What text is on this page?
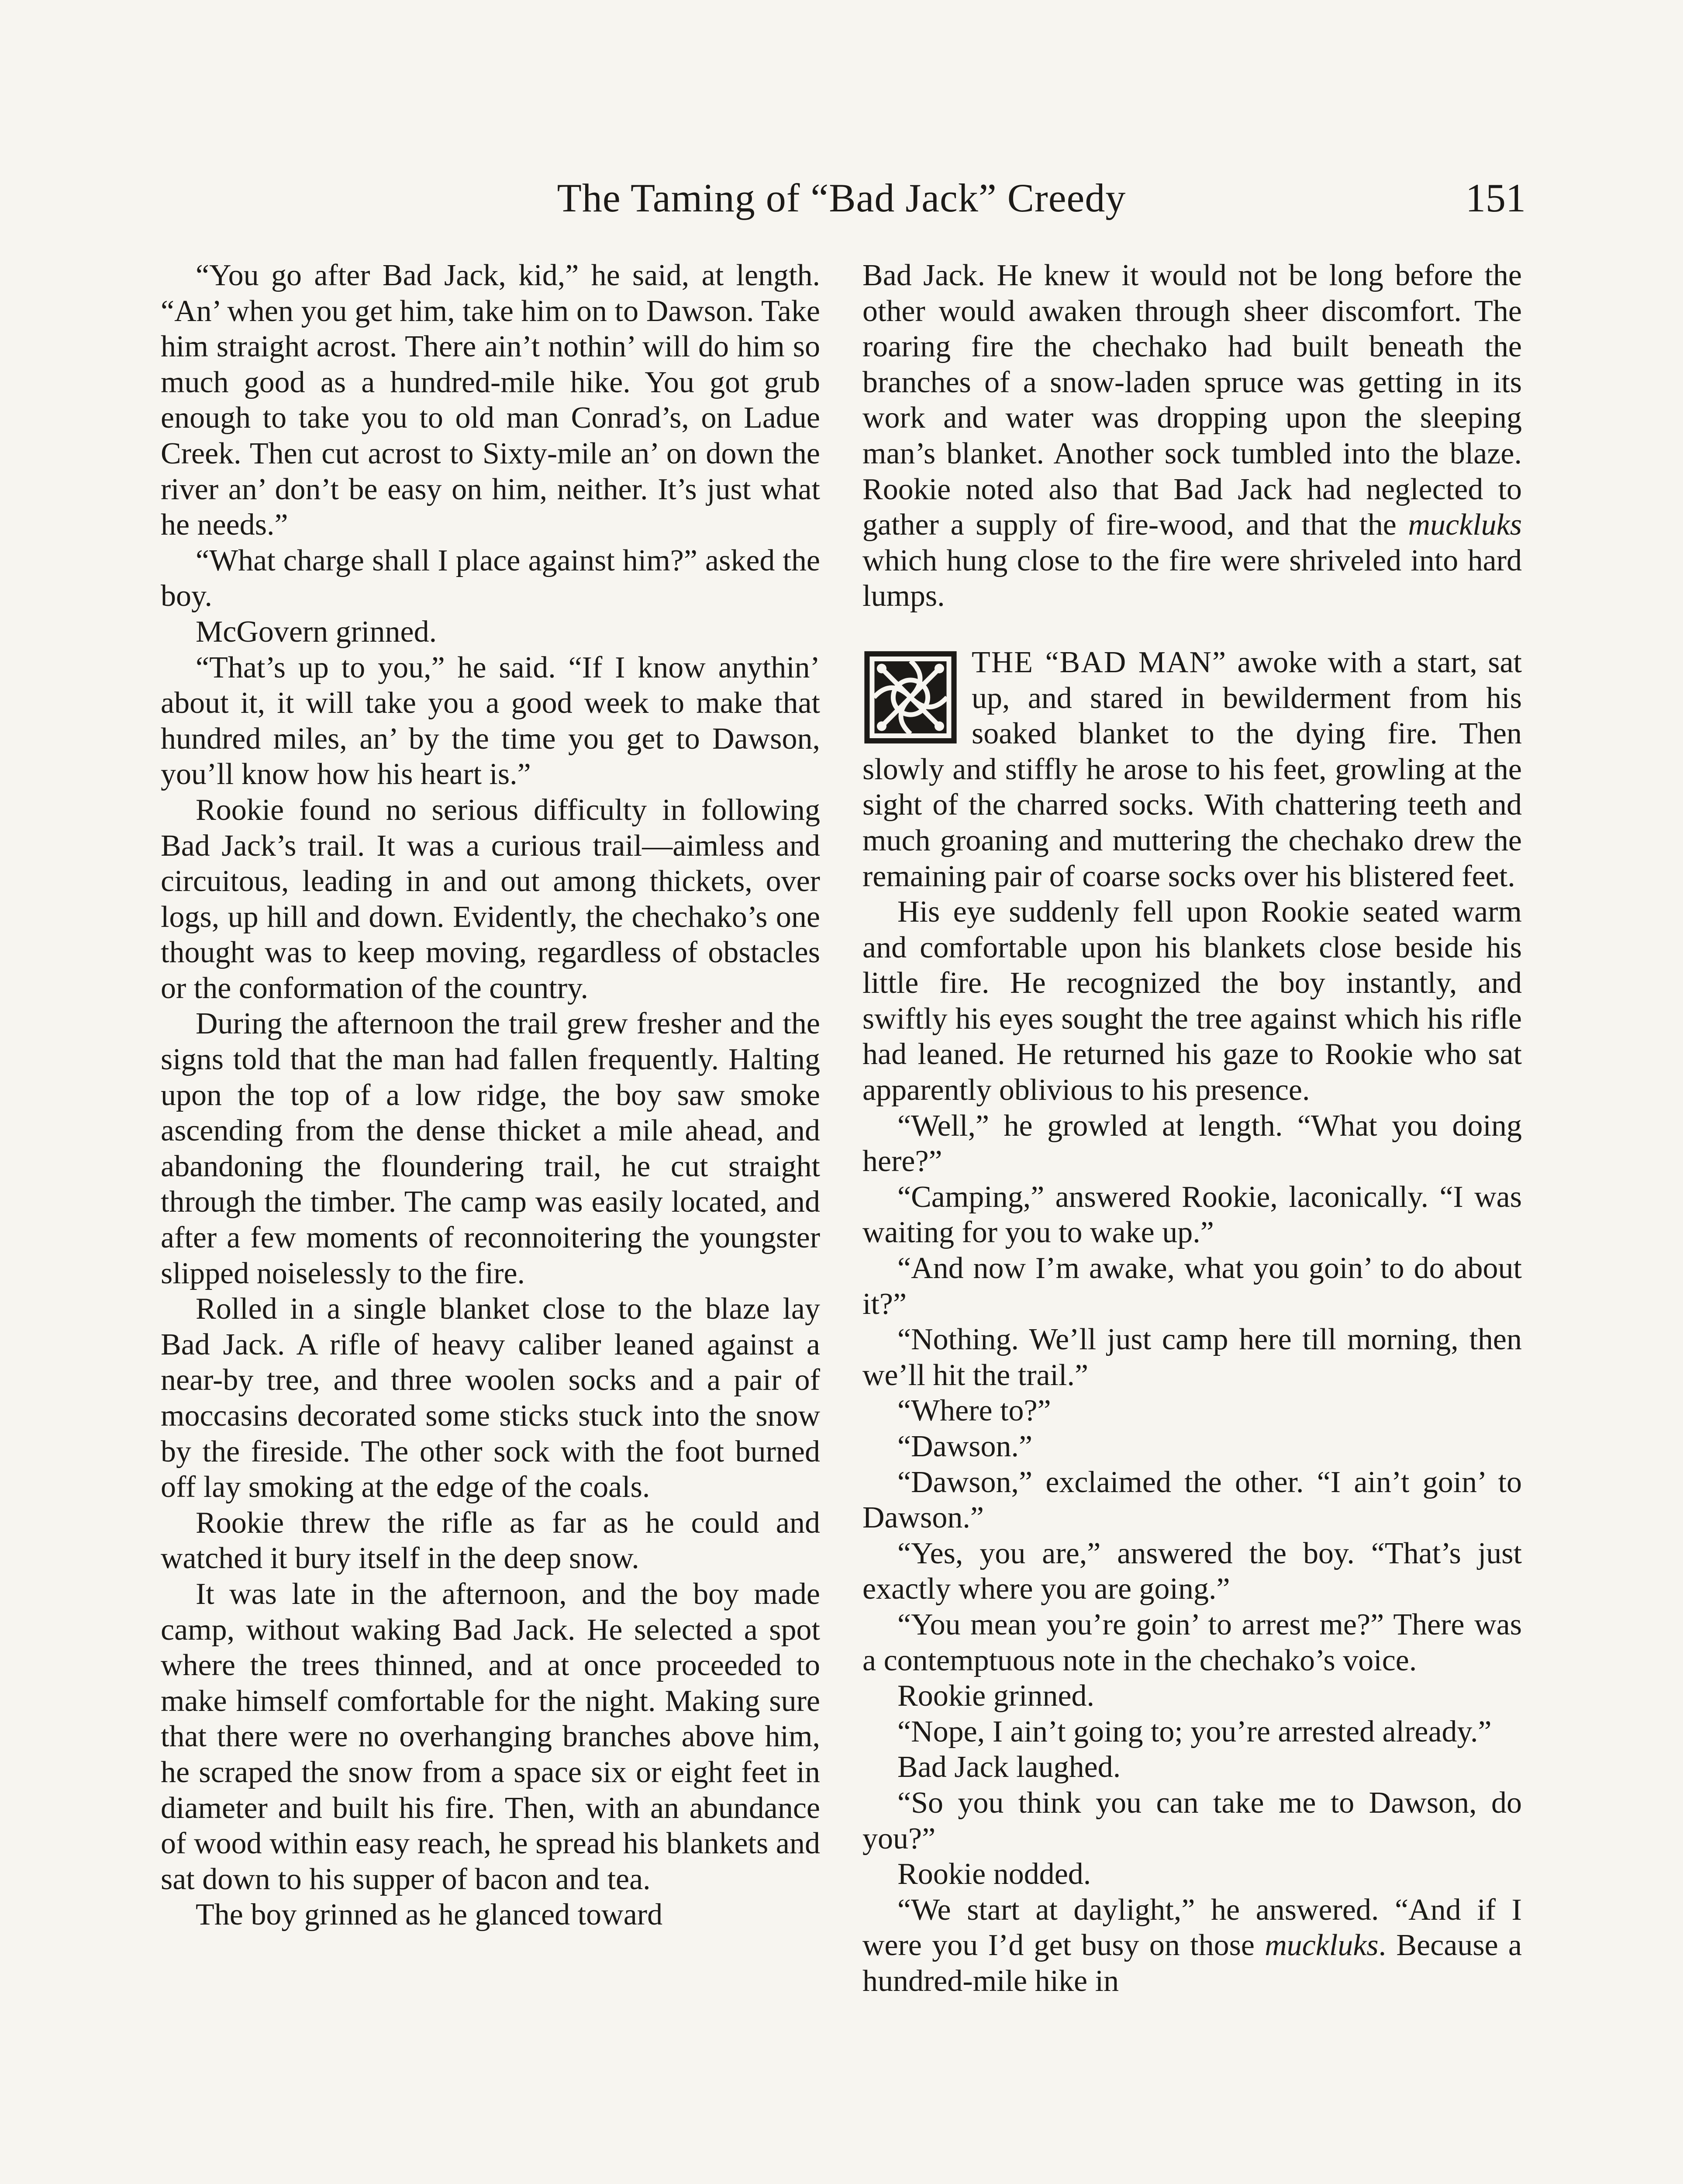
The Taming of “Bad Jack” Creedy	151

“You go after Bad Jack, kid,” he said, at length. “An’ when you get him, take him on to Dawson. Take him straight acrost. There ain’t nothin’ will do him so much good as a hundred-mile hike. You got grub enough to take you to old man Conrad’s, on Ladue Creek. Then cut acrost to Sixty-mile an’ on down the river an’ don’t be easy on him, neither. It’s just what he needs.”

“What charge shall I place against him?” asked the boy.

McGovern grinned.

“That’s up to you,” he said. “If I know anythin’ about it, it will take you a good week to make that hundred miles, an’ by the time you get to Dawson, you’ll know how his heart is.”

Rookie found no serious difficulty in following Bad Jack’s trail. It was a curious trail—aimless and circuitous, leading in and out among thickets, over logs, up hill and down. Evidently, the chechako’s one thought was to keep moving, regardless of obstacles or the conformation of the country.

During the afternoon the trail grew fresher and the signs told that the man had fallen frequently. Halting upon the top of a low ridge, the boy saw smoke ascending from the dense thicket a mile ahead, and abandoning the floundering trail, he cut straight through the timber. The camp was easily located, and after a few moments of reconnoitering the youngster slipped noiselessly to the fire.

Rolled in a single blanket close to the blaze lay Bad Jack. A rifle of heavy caliber leaned against a near-by tree, and three woolen socks and a pair of moccasins decorated some sticks stuck into the snow by the fireside. The other sock with the foot burned off lay smoking at the edge of the coals.

Rookie threw the rifle as far as he could and watched it bury itself in the deep snow.

It was late in the afternoon, and the boy made camp, without waking Bad Jack. He selected a spot where the trees thinned, and at once proceeded to make himself comfortable for the night. Making sure that there were no overhanging branches above him, he scraped the snow from a space six or eight feet in diameter and built his fire. Then, with an abundance of wood within easy reach, he spread his blankets and sat down to his supper of bacon and tea.

The boy grinned as he glanced toward

Bad Jack. He knew it would not be long before the other would awaken through sheer discomfort. The roaring fire the chechako had built beneath the branches of a snow-laden spruce was getting in its work and water was dropping upon the sleeping man’s blanket. Another sock tumbled into the blaze. Rookie noted also that Bad Jack had neglected to gather a supply of fire-wood, and that the muckluks which hung close to the fire were shriveled into hard lumps.

THE “BAD MAN” awoke with a start, sat up, and stared in bewilderment from his soaked blanket to the dying fire. Then slowly and stiffly he arose to his feet, growling at the sight of the charred socks. With chattering teeth and much groaning and muttering the chechako drew the remaining pair of coarse socks over his blistered feet.

His eye suddenly fell upon Rookie seated warm and comfortable upon his blankets close beside his little fire. He recognized the boy instantly, and swiftly his eyes sought the tree against which his rifle had leaned. He returned his gaze to Rookie who sat apparently oblivious to his presence.

“Well,” he growled at length. “What you doing here?”

“Camping,” answered Rookie, laconically. “I was waiting for you to wake up.”

“And now I’m awake, what you goin’ to do about it?”

“Nothing. We’ll just camp here till morning, then we’ll hit the trail.”

“Where to?”

“Dawson.”

“Dawson,” exclaimed the other. “I ain’t goin’ to Dawson.”

“Yes, you are,” answered the boy. “That’s just exactly where you are going.”

“You mean you’re goin’ to arrest me?” There was a contemptuous note in the chechako’s voice.

Rookie grinned.

“Nope, I ain’t going to; you’re arrested already.”

Bad Jack laughed.

“So you think you can take me to Dawson, do you?”

Rookie nodded.

“We start at daylight,” he answered. “And if I were you I’d get busy on those muckluks. Because a hundred-mile hike in
